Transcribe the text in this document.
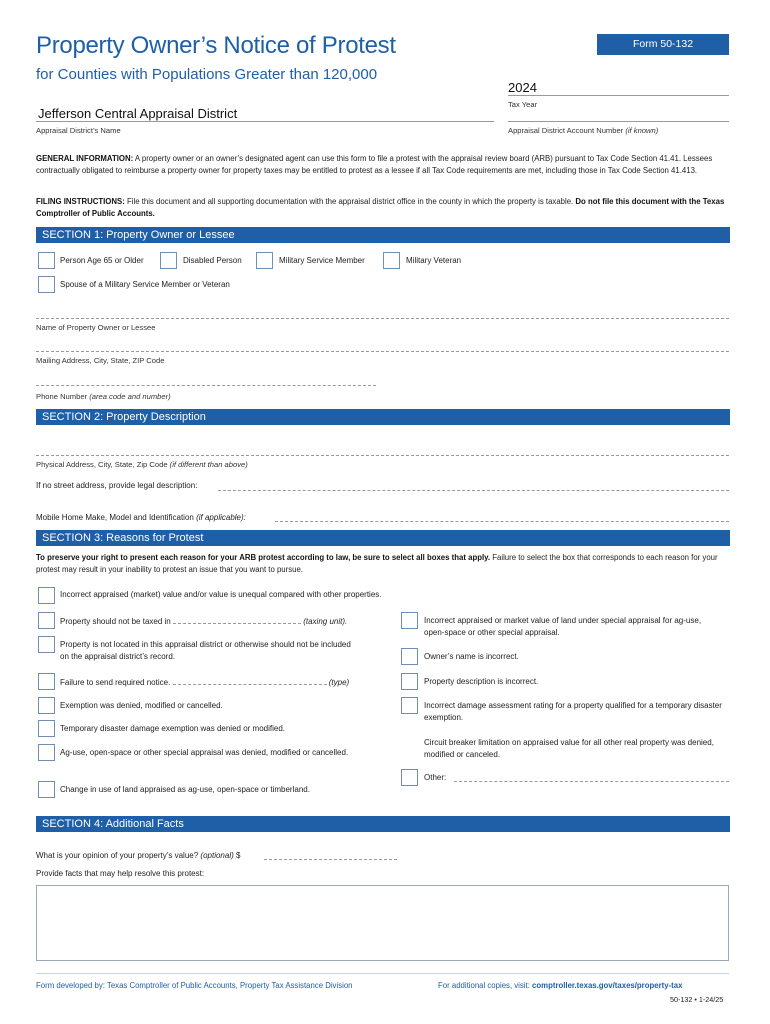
Property Owner’s Notice of Protest
for Counties with Populations Greater than 120,000
Form 50-132
2024
Tax Year
Jefferson Central Appraisal District
Appraisal District’s Name	Appraisal District Account Number (if known)
GENERAL INFORMATION: A property owner or an owner’s designated agent can use this form to file a protest with the appraisal review board (ARB) pursuant to Tax Code Section 41.41. Lessees contractually obligated to reimburse a property owner for property taxes may be entitled to protest as a lessee if all Tax Code requirements are met, including those in Tax Code Section 41.413.
FILING INSTRUCTIONS: File this document and all supporting documentation with the appraisal district office in the county in which the property is taxable. Do not file this document with the Texas Comptroller of Public Accounts.
SECTION 1: Property Owner or Lessee
Person Age 65 or Older	Disabled Person	Military Service Member	Military Veteran
Spouse of a Military Service Member or Veteran
Name of Property Owner or Lessee
Mailing Address, City, State, ZIP Code
Phone Number (area code and number)
SECTION 2: Property Description
Physical Address, City, State, Zip Code (if different than above)
If no street address, provide legal description:
Mobile Home Make, Model and Identification (if applicable):
SECTION 3: Reasons for Protest
To preserve your right to present each reason for your ARB protest according to law, be sure to select all boxes that apply. Failure to select the box that corresponds to each reason for your protest may result in your inability to protest an issue that you want to pursue.
Incorrect appraised (market) value and/or value is unequal compared with other properties.
Property should not be taxed in	(taxing unit).
Property is not located in this appraisal district or otherwise should not be included on the appraisal district’s record.
Failure to send required notice.	(type)
Exemption was denied, modified or cancelled.
Temporary disaster damage exemption was denied or modified.
Ag-use, open-space or other special appraisal was denied, modified or cancelled.
Change in use of land appraised as ag-use, open-space or timberland.
Incorrect appraised or market value of land under special appraisal for ag-use, open-space or other special appraisal.
Owner’s name is incorrect.
Property description is incorrect.
Incorrect damage assessment rating for a property qualified for a temporary disaster exemption.
Circuit breaker limitation on appraised value for all other real property was denied, modified or canceled.
Other:
SECTION 4: Additional Facts
What is your opinion of your property’s value? (optional) $
Provide facts that may help resolve this protest:
Form developed by: Texas Comptroller of Public Accounts, Property Tax Assistance Division	For additional copies, visit: comptroller.texas.gov/taxes/property-tax
50-132 • 1-24/25
